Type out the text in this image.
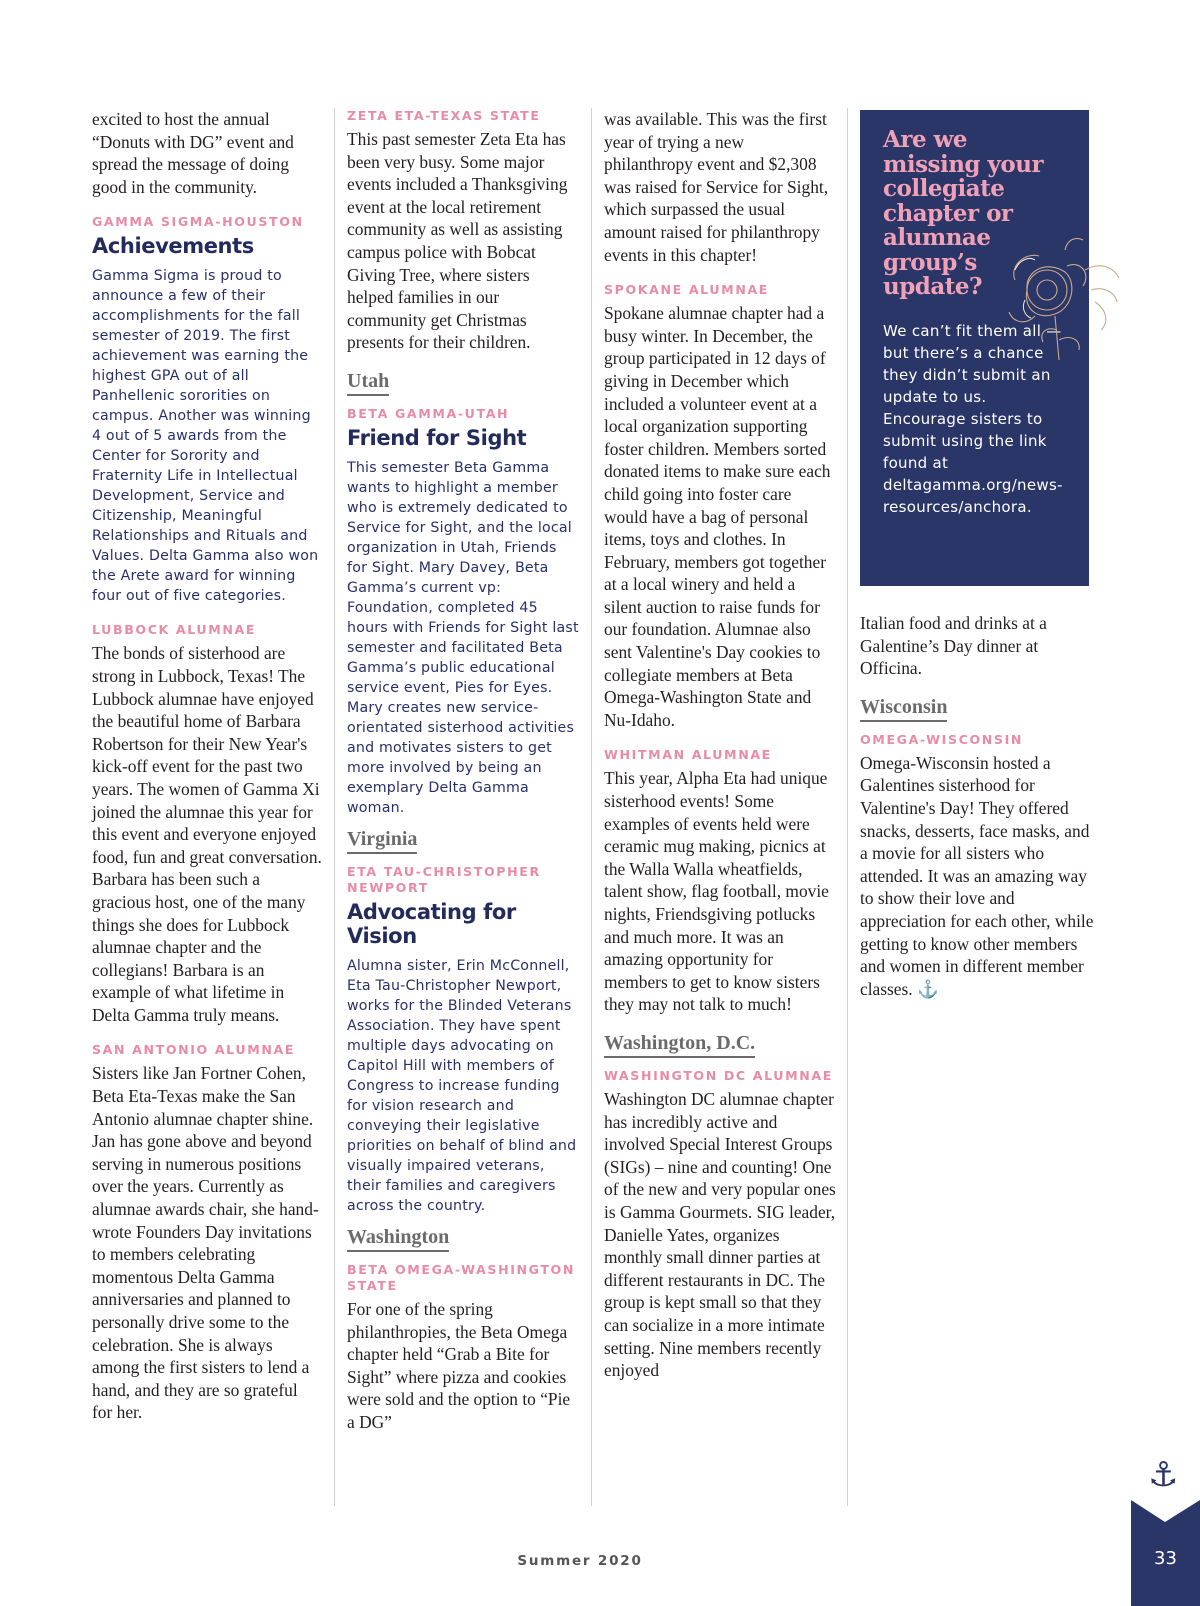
excited to host the annual “Donuts with DG” event and spread the message of doing good in the community.

GAMMA SIGMA-HOUSTON
Achievements

Gamma Sigma is proud to announce a few of their accomplishments for the fall semester of 2019. The first achievement was earning the highest GPA out of all Panhellenic sororities on campus. Another was winning 4 out of 5 awards from the Center for Sorority and Fraternity Life in Intellectual Development, Service and Citizenship, Meaningful Relationships and Rituals and Values. Delta Gamma also won the Arete award for winning four out of five categories.

LUBBOCK ALUMNAE

The bonds of sisterhood are strong in Lubbock, Texas! The Lubbock alumnae have enjoyed the beautiful home of Barbara Robertson for their New Year's kick-off event for the past two years. The women of Gamma Xi joined the alumnae this year for this event and everyone enjoyed food, fun and great conversation. Barbara has been such a gracious host, one of the many things she does for Lubbock alumnae chapter and the collegians! Barbara is an example of what lifetime in Delta Gamma truly means.

SAN ANTONIO ALUMNAE

Sisters like Jan Fortner Cohen, Beta Eta-Texas make the San Antonio alumnae chapter shine. Jan has gone above and beyond serving in numerous positions over the years. Currently as alumnae awards chair, she hand-wrote Founders Day invitations to members celebrating momentous Delta Gamma anniversaries and planned to personally drive some to the celebration. She is always among the first sisters to lend a hand, and they are so grateful for her.

ZETA ETA-TEXAS STATE

This past semester Zeta Eta has been very busy. Some major events included a Thanksgiving event at the local retirement community as well as assisting campus police with Bobcat Giving Tree, where sisters helped families in our community get Christmas presents for their children.

Utah
BETA GAMMA-UTAH
Friend for Sight

This semester Beta Gamma wants to highlight a member who is extremely dedicated to Service for Sight, and the local organization in Utah, Friends for Sight. Mary Davey, Beta Gamma’s current vp: Foundation, completed 45 hours with Friends for Sight last semester and facilitated Beta Gamma’s public educational service event, Pies for Eyes. Mary creates new service-orientated sisterhood activities and motivates sisters to get more involved by being an exemplary Delta Gamma woman.

Virginia
ETA TAU-CHRISTOPHER NEWPORT
Advocating for Vision

Alumna sister, Erin McConnell, Eta Tau-Christopher Newport, works for the Blinded Veterans Association. They have spent multiple days advocating on Capitol Hill with members of Congress to increase funding for vision research and conveying their legislative priorities on behalf of blind and visually impaired veterans, their families and caregivers across the country.

Washington
BETA OMEGA-WASHINGTON STATE

For one of the spring philanthropies, the Beta Omega chapter held “Grab a Bite for Sight” where pizza and cookies were sold and the option to “Pie a DG”

was available. This was the first year of trying a new philanthropy event and $2,308 was raised for Service for Sight, which surpassed the usual amount raised for philanthropy events in this chapter!

SPOKANE ALUMNAE

Spokane alumnae chapter had a busy winter. In December, the group participated in 12 days of giving in December which included a volunteer event at a local organization supporting foster children. Members sorted donated items to make sure each child going into foster care would have a bag of personal items, toys and clothes. In February, members got together at a local winery and held a silent auction to raise funds for our foundation. Alumnae also sent Valentine's Day cookies to collegiate members at Beta Omega-Washington State and Nu-Idaho.

WHITMAN ALUMNAE

This year, Alpha Eta had unique sisterhood events! Some examples of events held were ceramic mug making, picnics at the Walla Walla wheatfields, talent show, flag football, movie nights, Friendsgiving potlucks and much more. It was an amazing opportunity for members to get to know sisters they may not talk to much!

Washington, D.C.
WASHINGTON DC ALUMNAE

Washington DC alumnae chapter has incredibly active and involved Special Interest Groups (SIGs) – nine and counting! One of the new and very popular ones is Gamma Gourmets. SIG leader, Danielle Yates, organizes monthly small dinner parties at different restaurants in DC. The group is kept small so that they can socialize in a more intimate setting. Nine members recently enjoyed

Are we missing your collegiate chapter or alumnae group’s update?

We can’t fit them all — but there’s a chance they didn’t submit an update to us. Encourage sisters to submit using the link found at deltagamma.org/news-resources/anchora.

Italian food and drinks at a Galentine’s Day dinner at Officina.

Wisconsin
OMEGA-WISCONSIN

Omega-Wisconsin hosted a Galentines sisterhood for Valentine's Day! They offered snacks, desserts, face masks, and a movie for all sisters who attended. It was an amazing way to show their love and appreciation for each other, while getting to know other members and women in different member classes. ⚓

⚓
33
Summer 2020
